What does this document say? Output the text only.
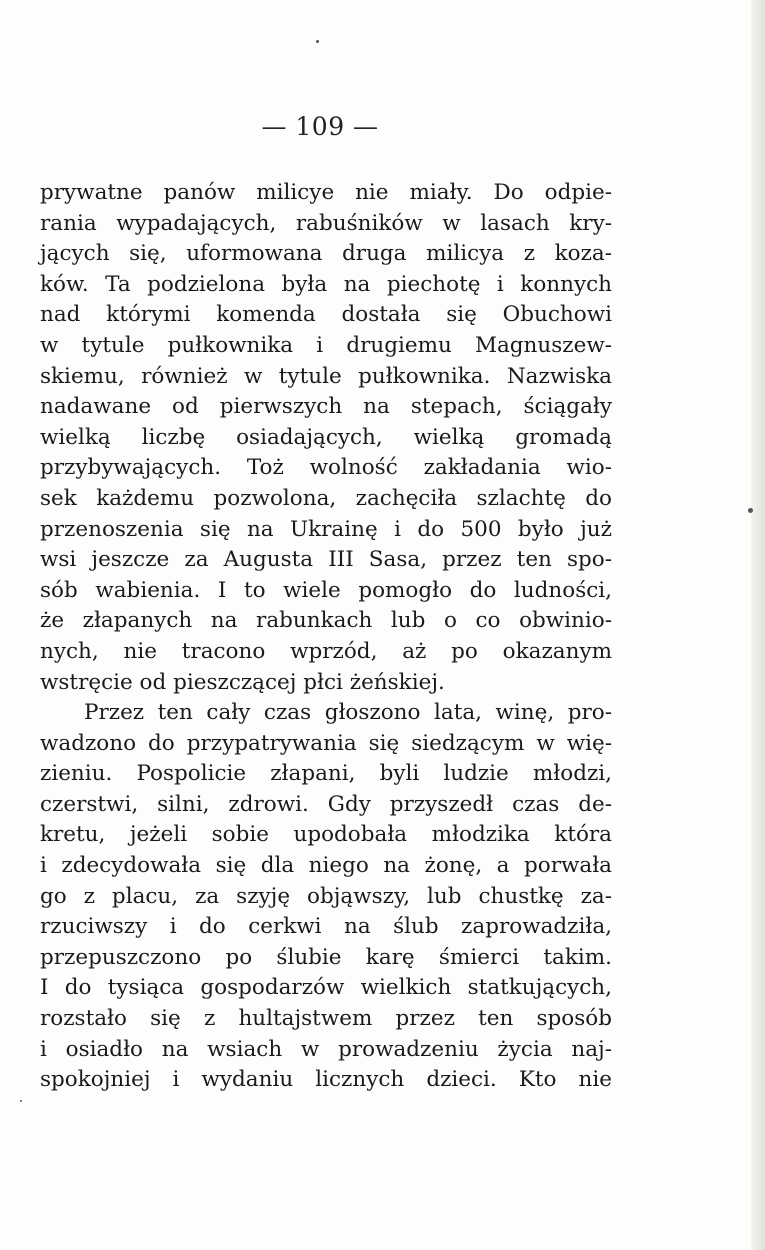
— 109 —
prywatne panów milicye nie miały. Do odpie-
rania wypadających, rabuśników w lasach kry-
jących się, uformowana druga milicya z koza-
ków. Ta podzielona była na piechotę i konnych
nad którymi komenda dostała się Obuchowi
w tytule pułkownika i drugiemu Magnuszew-
skiemu, również w tytule pułkownika. Nazwiska
nadawane od pierwszych na stepach, ściągały
wielką liczbę osiadających, wielką gromadą
przybywających. Toż wolność zakładania wio-
sek każdemu pozwolona, zachęciła szlachtę do
przenoszenia się na Ukrainę i do 500 było już
wsi jeszcze za Augusta III Sasa, przez ten spo-
sób wabienia. I to wiele pomogło do ludności,
że złapanych na rabunkach lub o co obwinio-
nych, nie tracono wprzód, aż po okazanym
wstręcie od pieszczącej płci żeńskiej.
Przez ten cały czas głoszono lata, winę, pro-
wadzono do przypatrywania się siedzącym w wię-
zieniu. Pospolicie złapani, byli ludzie młodzi,
czerstwi, silni, zdrowi. Gdy przyszedł czas de-
kretu, jeżeli sobie upodobała młodzika która
i zdecydowała się dla niego na żonę, a porwała
go z placu, za szyję objąwszy, lub chustkę za-
rzuciwszy i do cerkwi na ślub zaprowadziła,
przepuszczono po ślubie karę śmierci takim.
I do tysiąca gospodarzów wielkich statkujących,
rozstało się z hultajstwem przez ten sposób
i osiadło na wsiach w prowadzeniu życia naj-
spokojniej i wydaniu licznych dzieci. Kto nie
